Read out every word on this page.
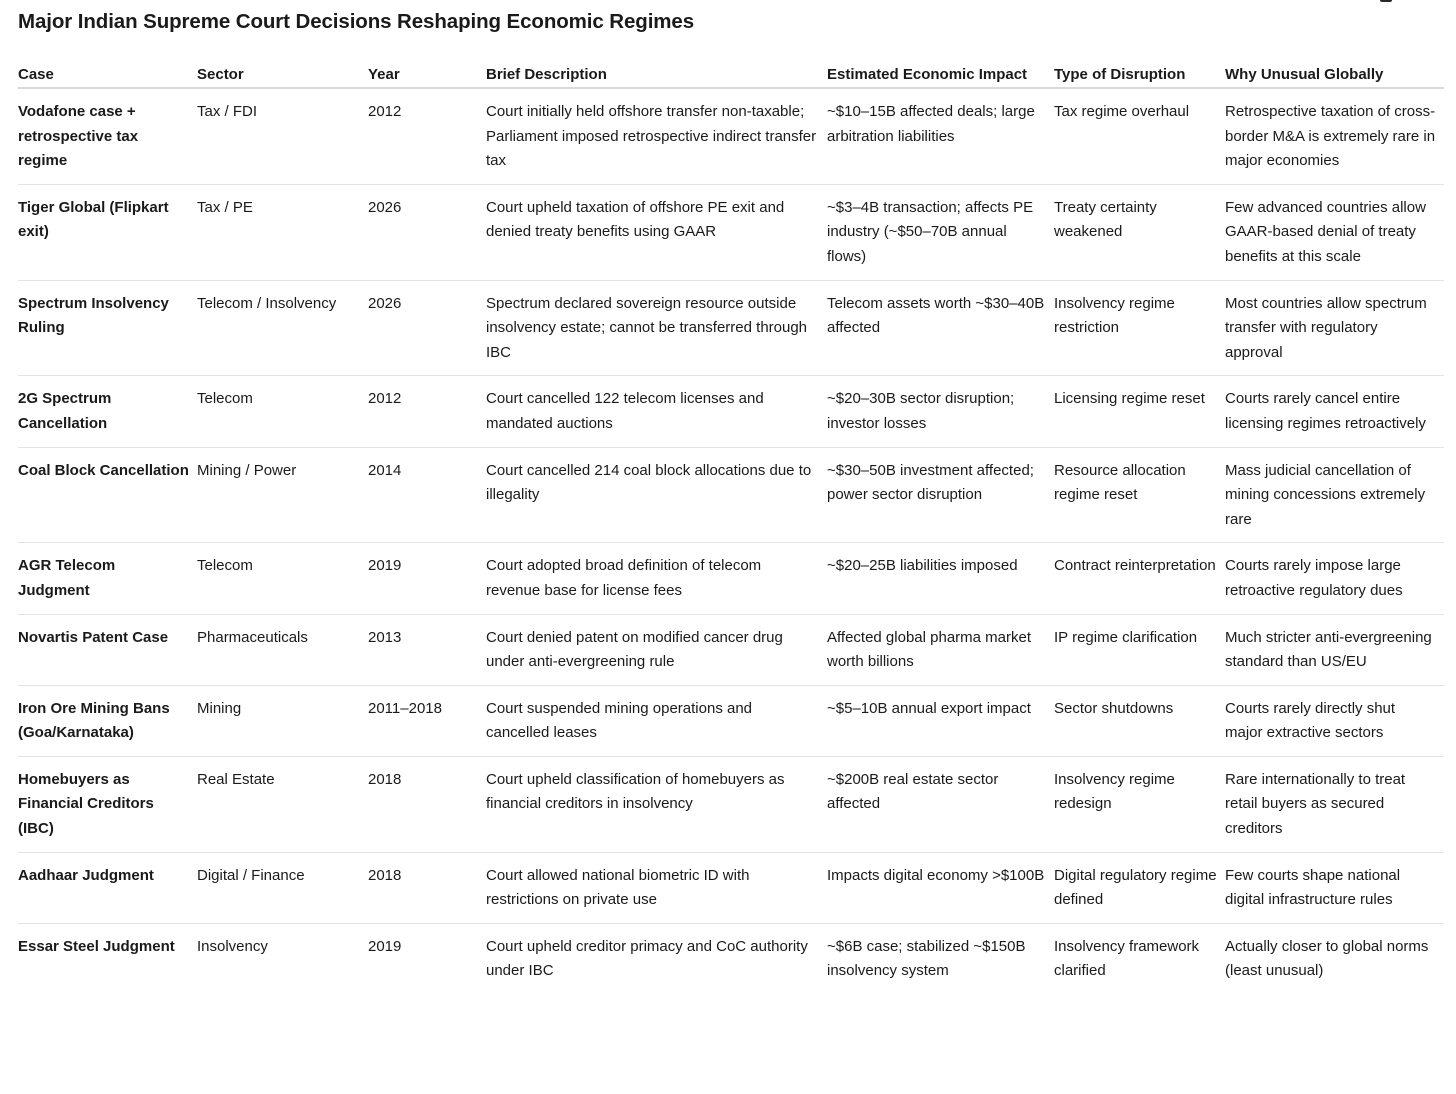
Major Indian Supreme Court Decisions Reshaping Economic Regimes
Case	Sector	Year	Brief Description	Estimated Economic Impact	Type of Disruption	Why Unusual Globally
Vodafone case + retrospective tax regime	Tax / FDI	2012	Court initially held offshore transfer non-taxable; Parliament imposed retrospective indirect transfer tax	~$10–15B affected deals; large arbitration liabilities	Tax regime overhaul	Retrospective taxation of cross-border M&A is extremely rare in major economies
Tiger Global (Flipkart exit)	Tax / PE	2026	Court upheld taxation of offshore PE exit and denied treaty benefits using GAAR	~$3–4B transaction; affects PE industry (~$50–70B annual flows)	Treaty certainty weakened	Few advanced countries allow GAAR-based denial of treaty benefits at this scale
Spectrum Insolvency Ruling	Telecom / Insolvency	2026	Spectrum declared sovereign resource outside insolvency estate; cannot be transferred through IBC	Telecom assets worth ~$30–40B affected	Insolvency regime restriction	Most countries allow spectrum transfer with regulatory approval
2G Spectrum Cancellation	Telecom	2012	Court cancelled 122 telecom licenses and mandated auctions	~$20–30B sector disruption; investor losses	Licensing regime reset	Courts rarely cancel entire licensing regimes retroactively
Coal Block Cancellation	Mining / Power	2014	Court cancelled 214 coal block allocations due to illegality	~$30–50B investment affected; power sector disruption	Resource allocation regime reset	Mass judicial cancellation of mining concessions extremely rare
AGR Telecom Judgment	Telecom	2019	Court adopted broad definition of telecom revenue base for license fees	~$20–25B liabilities imposed	Contract reinterpretation	Courts rarely impose large retroactive regulatory dues
Novartis Patent Case	Pharmaceuticals	2013	Court denied patent on modified cancer drug under anti-evergreening rule	Affected global pharma market worth billions	IP regime clarification	Much stricter anti-evergreening standard than US/EU
Iron Ore Mining Bans (Goa/Karnataka)	Mining	2011–2018	Court suspended mining operations and cancelled leases	~$5–10B annual export impact	Sector shutdowns	Courts rarely directly shut major extractive sectors
Homebuyers as Financial Creditors (IBC)	Real Estate	2018	Court upheld classification of homebuyers as financial creditors in insolvency	~$200B real estate sector affected	Insolvency regime redesign	Rare internationally to treat retail buyers as secured creditors
Aadhaar Judgment	Digital / Finance	2018	Court allowed national biometric ID with restrictions on private use	Impacts digital economy >$100B	Digital regulatory regime defined	Few courts shape national digital infrastructure rules
Essar Steel Judgment	Insolvency	2019	Court upheld creditor primacy and CoC authority under IBC	~$6B case; stabilized ~$150B insolvency system	Insolvency framework clarified	Actually closer to global norms (least unusual)
